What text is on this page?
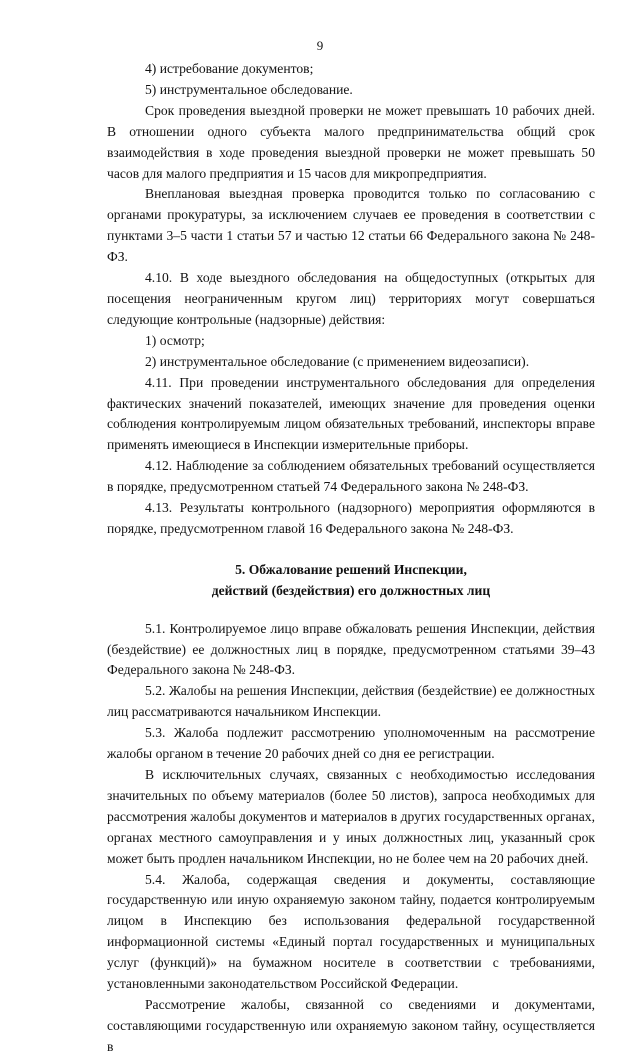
9

4) истребование документов;

5) инструментальное обследование.

Срок проведения выездной проверки не может превышать 10 рабочих дней. В отношении одного субъекта малого предпринимательства общий срок взаимодействия в ходе проведения выездной проверки не может превышать 50 часов для малого предприятия и 15 часов для микропредприятия.

Внеплановая выездная проверка проводится только по согласованию с органами прокуратуры, за исключением случаев ее проведения в соответствии с пунктами 3–5 части 1 статьи 57 и частью 12 статьи 66 Федерального закона № 248-ФЗ.

4.10. В ходе выездного обследования на общедоступных (открытых для посещения неограниченным кругом лиц) территориях могут совершаться следующие контрольные (надзорные) действия:

1) осмотр;

2) инструментальное обследование (с применением видеозаписи).

4.11. При проведении инструментального обследования для определения фактических значений показателей, имеющих значение для проведения оценки соблюдения контролируемым лицом обязательных требований, инспекторы вправе применять имеющиеся в Инспекции измерительные приборы.

4.12. Наблюдение за соблюдением обязательных требований осуществляется в порядке, предусмотренном статьей 74 Федерального закона № 248-ФЗ.

4.13. Результаты контрольного (надзорного) мероприятия оформляются в порядке, предусмотренном главой 16 Федерального закона № 248-ФЗ.

5. Обжалование решений Инспекции,
действий (бездействия) его должностных лиц

5.1. Контролируемое лицо вправе обжаловать решения Инспекции, действия (бездействие) ее должностных лиц в порядке, предусмотренном статьями 39–43 Федерального закона № 248-ФЗ.

5.2. Жалобы на решения Инспекции, действия (бездействие) ее должностных лиц рассматриваются начальником Инспекции.

5.3. Жалоба подлежит рассмотрению уполномоченным на рассмотрение жалобы органом в течение 20 рабочих дней со дня ее регистрации.

В исключительных случаях, связанных с необходимостью исследования значительных по объему материалов (более 50 листов), запроса необходимых для рассмотрения жалобы документов и материалов в других государственных органах, органах местного самоуправления и у иных должностных лиц, указанный срок может быть продлен начальником Инспекции, но не более чем на 20 рабочих дней.

5.4. Жалоба, содержащая сведения и документы, составляющие государственную или иную охраняемую законом тайну, подается контролируемым лицом в Инспекцию без использования федеральной государственной информационной системы «Единый портал государственных и муниципальных услуг (функций)» на бумажном носителе в соответствии с требованиями, установленными законодательством Российской Федерации.

Рассмотрение жалобы, связанной со сведениями и документами, составляющими государственную или охраняемую законом тайну, осуществляется в
